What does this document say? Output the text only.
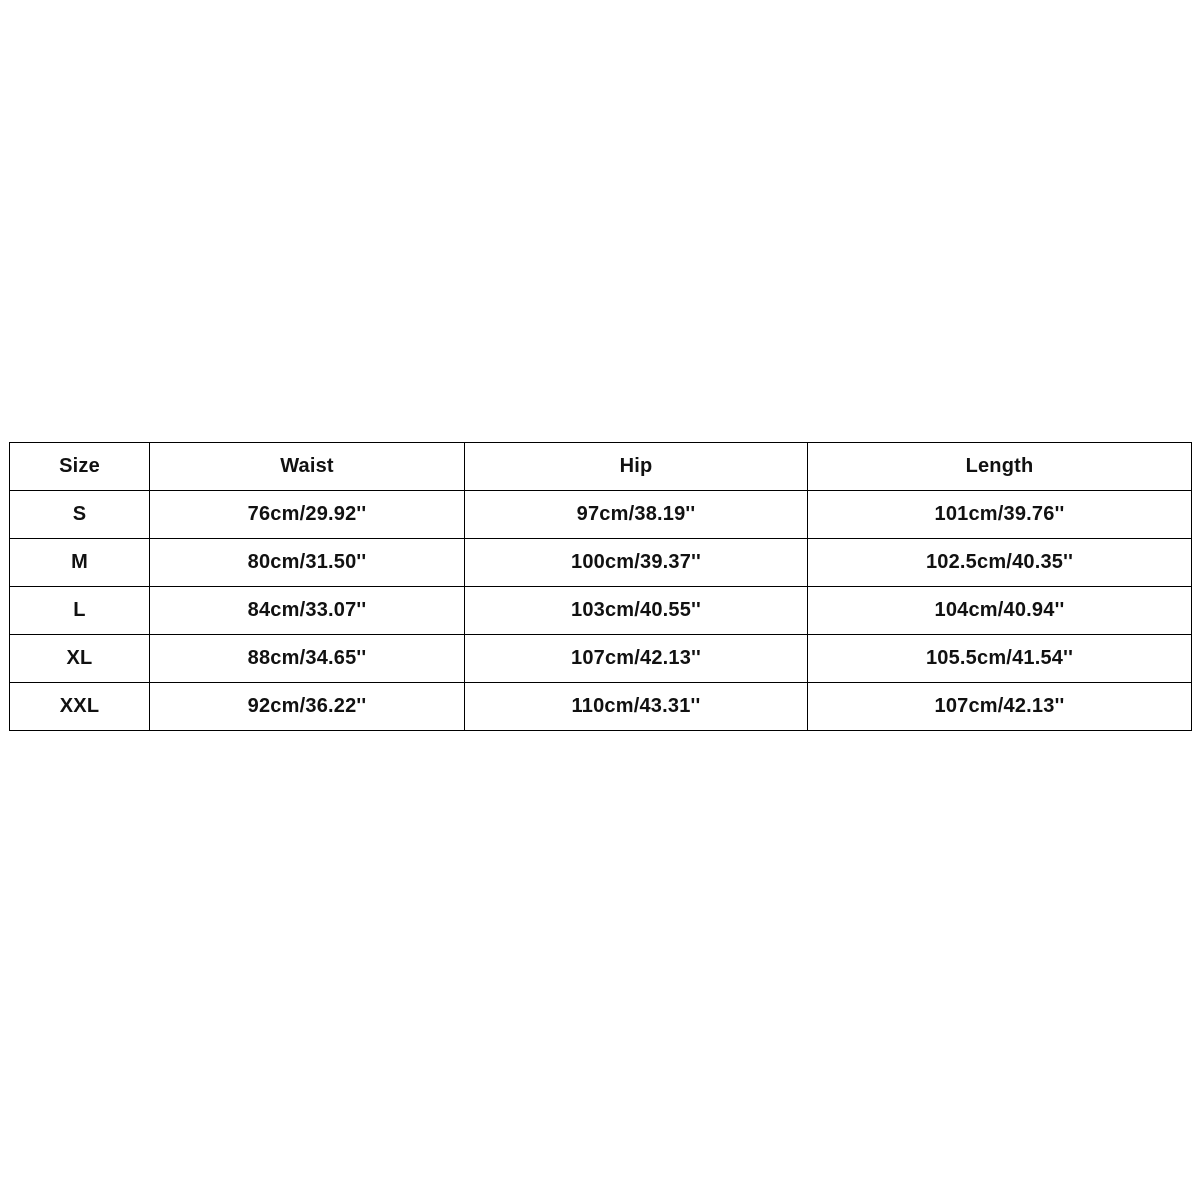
Size	Waist	Hip	Length
S	76cm/29.92''	97cm/38.19''	101cm/39.76''
M	80cm/31.50''	100cm/39.37''	102.5cm/40.35''
L	84cm/33.07''	103cm/40.55''	104cm/40.94''
XL	88cm/34.65''	107cm/42.13''	105.5cm/41.54''
XXL	92cm/36.22''	110cm/43.31''	107cm/42.13''
